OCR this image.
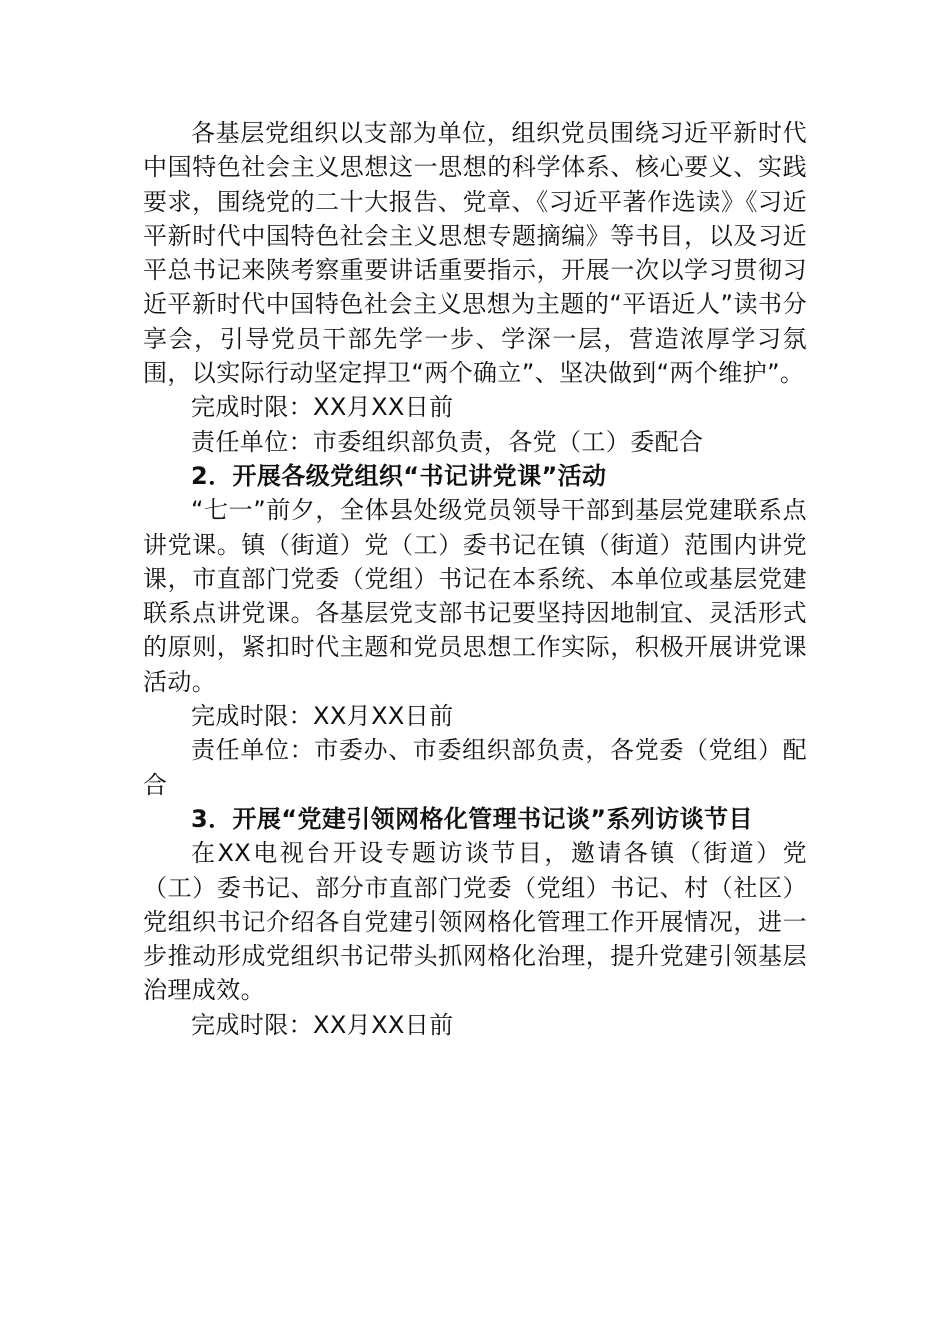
各基层党组织以支部为单位，组织党员围绕习近平新时代中国特色社会主义思想这一思想的科学体系、核心要义、实践要求，围绕党的二十大报告、党章、《习近平著作选读》《习近平新时代中国特色社会主义思想专题摘编》等书目，以及习近平总书记来陕考察重要讲话重要指示，开展一次以学习贯彻习近平新时代中国特色社会主义思想为主题的“平语近人”读书分享会，引导党员干部先学一步、学深一层，营造浓厚学习氛围，以实际行动坚定捍卫“两个确立”、坚决做到“两个维护”。

完成时限：XX月XX日前

责任单位：市委组织部负责，各党（工）委配合

2．开展各级党组织“书记讲党课”活动

“七一”前夕，全体县处级党员领导干部到基层党建联系点讲党课。镇（街道）党（工）委书记在镇（街道）范围内讲党课，市直部门党委（党组）书记在本系统、本单位或基层党建联系点讲党课。各基层党支部书记要坚持因地制宜、灵活形式的原则，紧扣时代主题和党员思想工作实际，积极开展讲党课活动。

完成时限：XX月XX日前

责任单位：市委办、市委组织部负责，各党委（党组）配合

3．开展“党建引领网格化管理书记谈”系列访谈节目

在XX电视台开设专题访谈节目，邀请各镇（街道）党（工）委书记、部分市直部门党委（党组）书记、村（社区）党组织书记介绍各自党建引领网格化管理工作开展情况，进一步推动形成党组织书记带头抓网格化治理，提升党建引领基层治理成效。

完成时限：XX月XX日前
